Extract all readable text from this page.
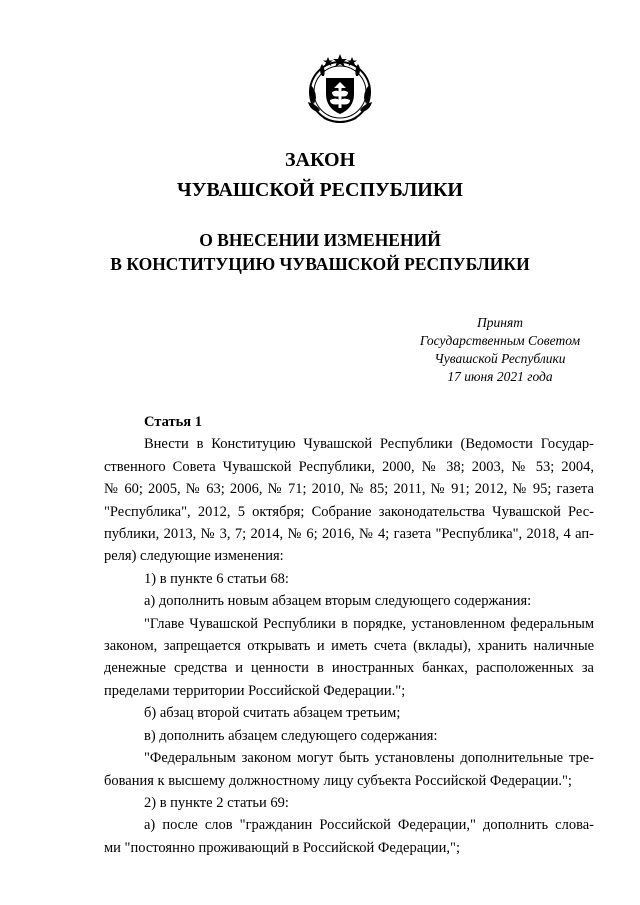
ЗАКОН
ЧУВАШСКОЙ РЕСПУБЛИКИ
О ВНЕСЕНИИ ИЗМЕНЕНИЙ
В КОНСТИТУЦИЮ ЧУВАШСКОЙ РЕСПУБЛИКИ
Принят
Государственным Советом
Чувашской Республики
17 июня 2021 года

Статья 1

Внести в Конституцию Чувашской Республики (Ведомости Государ-

ственного Совета Чувашской Республики, 2000, № 38; 2003, № 53; 2004,

№ 60; 2005, № 63; 2006, № 71; 2010, № 85; 2011, № 91; 2012, № 95; газета

"Республика", 2012, 5 октября; Собрание законодательства Чувашской Рес-

публики, 2013, № 3, 7; 2014, № 6; 2016, № 4; газета "Республика", 2018, 4 ап-

реля) следующие изменения:

1) в пункте 6 статьи 68:

а) дополнить новым абзацем вторым следующего содержания:

"Главе Чувашской Республики в порядке, установленном федеральным

законом, запрещается открывать и иметь счета (вклады), хранить наличные

денежные средства и ценности в иностранных банках, расположенных за

пределами территории Российской Федерации.";

б) абзац второй считать абзацем третьим;

в) дополнить абзацем следующего содержания:

"Федеральным законом могут быть установлены дополнительные тре-

бования к высшему должностному лицу субъекта Российской Федерации.";

2) в пункте 2 статьи 69:

а) после слов "гражданин Российской Федерации," дополнить слова-

ми "постоянно проживающий в Российской Федерации,";
